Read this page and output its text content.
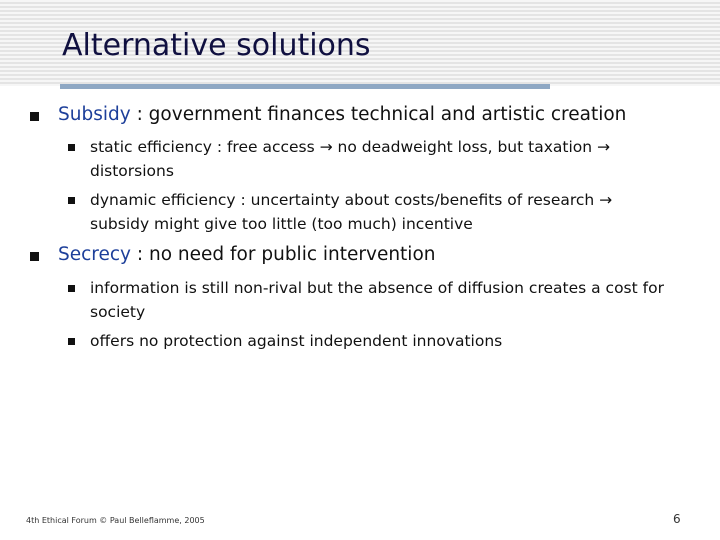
Alternative solutions
Subsidy : government finances technical and artistic creation
static efficiency : free access → no deadweight loss, but taxation → distorsions
dynamic efficiency : uncertainty about costs/benefits of research → subsidy might give too little (too much) incentive
Secrecy : no need for public intervention
information is still non-rival but the absence of diffusion creates a cost for society
offers no protection against independent innovations
4th Ethical Forum © Paul Belleflamme, 2005	6
